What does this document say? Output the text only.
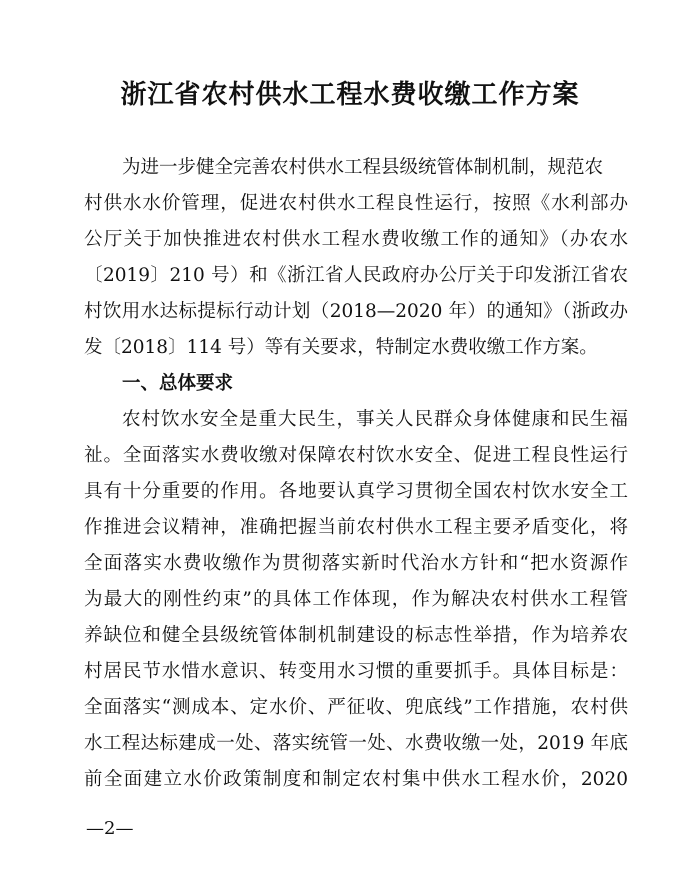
浙江省农村供水工程水费收缴工作方案
为进一步健全完善农村供水工程县级统管体制机制，规范农
村供水水价管理，促进农村供水工程良性运行，按照《水利部办
公厅关于加快推进农村供水工程水费收缴工作的通知》（办农水
〔2019〕210 号）和《浙江省人民政府办公厅关于印发浙江省农
村饮用水达标提标行动计划（2018—2020 年）的通知》（浙政办
发〔2018〕114 号）等有关要求，特制定水费收缴工作方案。
一、总体要求
农村饮水安全是重大民生，事关人民群众身体健康和民生福
祉。全面落实水费收缴对保障农村饮水安全、促进工程良性运行
具有十分重要的作用。各地要认真学习贯彻全国农村饮水安全工
作推进会议精神，准确把握当前农村供水工程主要矛盾变化，将
全面落实水费收缴作为贯彻落实新时代治水方针和“把水资源作
为最大的刚性约束”的具体工作体现，作为解决农村供水工程管
养缺位和健全县级统管体制机制建设的标志性举措，作为培养农
村居民节水惜水意识、转变用水习惯的重要抓手。具体目标是：
全面落实“测成本、定水价、严征收、兜底线”工作措施，农村供
水工程达标建成一处、落实统管一处、水费收缴一处，2019 年底
前全面建立水价政策制度和制定农村集中供水工程水价，2020
—2—
